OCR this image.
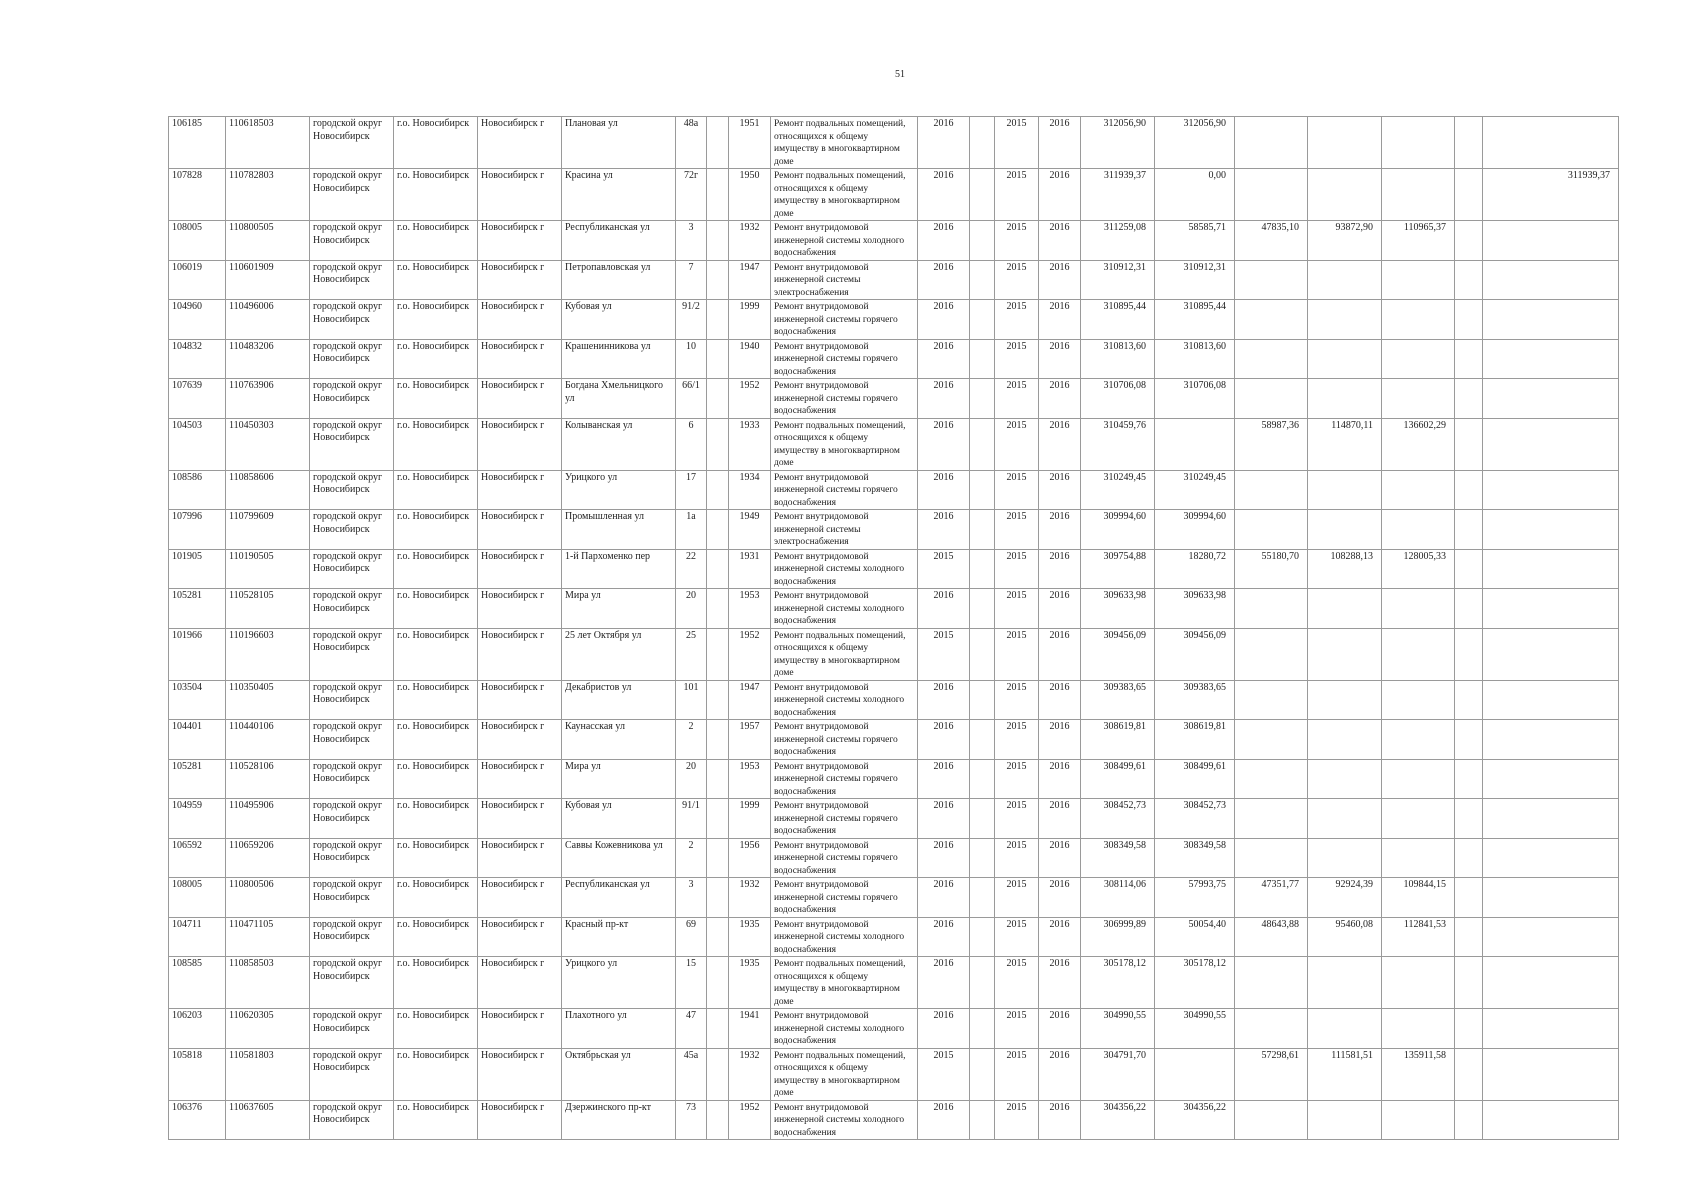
51
106185	110618503	городской округ Новосибирск	г.о. Новосибирск	Новосибирск г	Плановая ул	48а		1951	Ремонт подвальных помещений, относящихся к общему имуществу в многоквартирном доме	2016		2015	2016	312056,90	312056,90					
107828	110782803	городской округ Новосибирск	г.о. Новосибирск	Новосибирск г	Красина ул	72г		1950	Ремонт подвальных помещений, относящихся к общему имуществу в многоквартирном доме	2016		2015	2016	311939,37	0,00					311939,37
108005	110800505	городской округ Новосибирск	г.о. Новосибирск	Новосибирск г	Республиканская ул	3		1932	Ремонт внутридомовой инженерной системы холодного водоснабжения	2016		2015	2016	311259,08	58585,71	47835,10	93872,90	110965,37		
106019	110601909	городской округ Новосибирск	г.о. Новосибирск	Новосибирск г	Петропавловская ул	7		1947	Ремонт внутридомовой инженерной системы электроснабжения	2016		2015	2016	310912,31	310912,31					
104960	110496006	городской округ Новосибирск	г.о. Новосибирск	Новосибирск г	Кубовая ул	91/2		1999	Ремонт внутридомовой инженерной системы горячего водоснабжения	2016		2015	2016	310895,44	310895,44					
104832	110483206	городской округ Новосибирск	г.о. Новосибирск	Новосибирск г	Крашенинникова ул	10		1940	Ремонт внутридомовой инженерной системы горячего водоснабжения	2016		2015	2016	310813,60	310813,60					
107639	110763906	городской округ Новосибирск	г.о. Новосибирск	Новосибирск г	Богдана Хмельницкого ул	66/1		1952	Ремонт внутридомовой инженерной системы горячего водоснабжения	2016		2015	2016	310706,08	310706,08					
104503	110450303	городской округ Новосибирск	г.о. Новосибирск	Новосибирск г	Колыванская ул	6		1933	Ремонт подвальных помещений, относящихся к общему имуществу в многоквартирном доме	2016		2015	2016	310459,76		58987,36	114870,11	136602,29		
108586	110858606	городской округ Новосибирск	г.о. Новосибирск	Новосибирск г	Урицкого ул	17		1934	Ремонт внутридомовой инженерной системы горячего водоснабжения	2016		2015	2016	310249,45	310249,45					
107996	110799609	городской округ Новосибирск	г.о. Новосибирск	Новосибирск г	Промышленная ул	1а		1949	Ремонт внутридомовой инженерной системы электроснабжения	2016		2015	2016	309994,60	309994,60					
101905	110190505	городской округ Новосибирск	г.о. Новосибирск	Новосибирск г	1-й Пархоменко пер	22		1931	Ремонт внутридомовой инженерной системы холодного водоснабжения	2015		2015	2016	309754,88	18280,72	55180,70	108288,13	128005,33		
105281	110528105	городской округ Новосибирск	г.о. Новосибирск	Новосибирск г	Мира ул	20		1953	Ремонт внутридомовой инженерной системы холодного водоснабжения	2016		2015	2016	309633,98	309633,98					
101966	110196603	городской округ Новосибирск	г.о. Новосибирск	Новосибирск г	25 лет Октября ул	25		1952	Ремонт подвальных помещений, относящихся к общему имуществу в многоквартирном доме	2015		2015	2016	309456,09	309456,09					
103504	110350405	городской округ Новосибирск	г.о. Новосибирск	Новосибирск г	Декабристов ул	101		1947	Ремонт внутридомовой инженерной системы холодного водоснабжения	2016		2015	2016	309383,65	309383,65					
104401	110440106	городской округ Новосибирск	г.о. Новосибирск	Новосибирск г	Каунасская ул	2		1957	Ремонт внутридомовой инженерной системы горячего водоснабжения	2016		2015	2016	308619,81	308619,81					
105281	110528106	городской округ Новосибирск	г.о. Новосибирск	Новосибирск г	Мира ул	20		1953	Ремонт внутридомовой инженерной системы горячего водоснабжения	2016		2015	2016	308499,61	308499,61					
104959	110495906	городской округ Новосибирск	г.о. Новосибирск	Новосибирск г	Кубовая ул	91/1		1999	Ремонт внутридомовой инженерной системы горячего водоснабжения	2016		2015	2016	308452,73	308452,73					
106592	110659206	городской округ Новосибирск	г.о. Новосибирск	Новосибирск г	Саввы Кожевникова ул	2		1956	Ремонт внутридомовой инженерной системы горячего водоснабжения	2016		2015	2016	308349,58	308349,58					
108005	110800506	городской округ Новосибирск	г.о. Новосибирск	Новосибирск г	Республиканская ул	3		1932	Ремонт внутридомовой инженерной системы горячего водоснабжения	2016		2015	2016	308114,06	57993,75	47351,77	92924,39	109844,15		
104711	110471105	городской округ Новосибирск	г.о. Новосибирск	Новосибирск г	Красный пр-кт	69		1935	Ремонт внутридомовой инженерной системы холодного водоснабжения	2016		2015	2016	306999,89	50054,40	48643,88	95460,08	112841,53		
108585	110858503	городской округ Новосибирск	г.о. Новосибирск	Новосибирск г	Урицкого ул	15		1935	Ремонт подвальных помещений, относящихся к общему имуществу в многоквартирном доме	2016		2015	2016	305178,12	305178,12					
106203	110620305	городской округ Новосибирск	г.о. Новосибирск	Новосибирск г	Плахотного ул	47		1941	Ремонт внутридомовой инженерной системы холодного водоснабжения	2016		2015	2016	304990,55	304990,55					
105818	110581803	городской округ Новосибирск	г.о. Новосибирск	Новосибирск г	Октябрьская ул	45а		1932	Ремонт подвальных помещений, относящихся к общему имуществу в многоквартирном доме	2015		2015	2016	304791,70		57298,61	111581,51	135911,58		
106376	110637605	городской округ Новосибирск	г.о. Новосибирск	Новосибирск г	Дзержинского пр-кт	73		1952	Ремонт внутридомовой инженерной системы холодного водоснабжения	2016		2015	2016	304356,22	304356,22					
